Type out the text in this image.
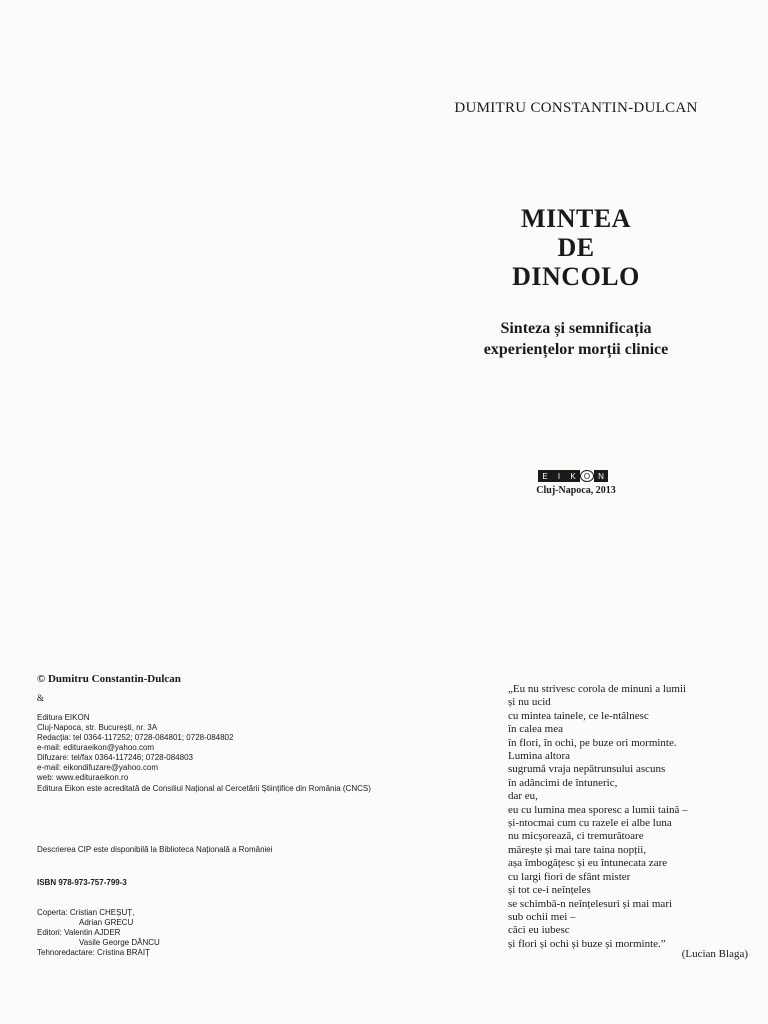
DUMITRU CONSTANTIN-DULCAN
MINTEA
DE
DINCOLO
Sinteza și semnificația
experiențelor morții clinice
E	I	K	O	N
Cluj-Napoca, 2013
© Dumitru Constantin-Dulcan
&
Editura EIKON
Cluj-Napoca, str. București, nr. 3A
Redacția: tel 0364-117252; 0728-084801; 0728-084802
e-mail: edituraeikon@yahoo.com
Difuzare: tel/fax 0364-117246; 0728-084803
e-mail: eikondifuzare@yahoo.com
web: www.edituraeikon.ro
Editura Eikon este acreditată de Consiliul Național al Cercetării Științifice din România (CNCS)
Descrierea CIP este disponibilă la Biblioteca Națională a României
ISBN 978-973-757-799-3
Coperta: Cristian CHEȘUȚ,
Adrian GRECU
Editori: Valentin AJDER
Vasile George DÂNCU
Tehnoredactare: Cristina BRAIȚ
„Eu nu strivesc corola de minuni a lumii
și nu ucid
cu mintea tainele, ce le-ntâlnesc
în calea mea
în flori, în ochi, pe buze ori morminte.
Lumina altora
sugrumă vraja nepătrunsului ascuns
în adâncimi de întuneric,
dar eu,
eu cu lumina mea sporesc a lumii taină –
și-ntocmai cum cu razele ei albe luna
nu micșorează, ci tremurătoare
mărește și mai tare taina nopții,
așa îmbogățesc și eu întunecata zare
cu largi fiori de sfânt mister
și tot ce-i neînțeles
se schimbă-n neînțelesuri și mai mari
sub ochii mei –
căci eu iubesc
și flori și ochi și buze și morminte.”
(Lucian Blaga)
